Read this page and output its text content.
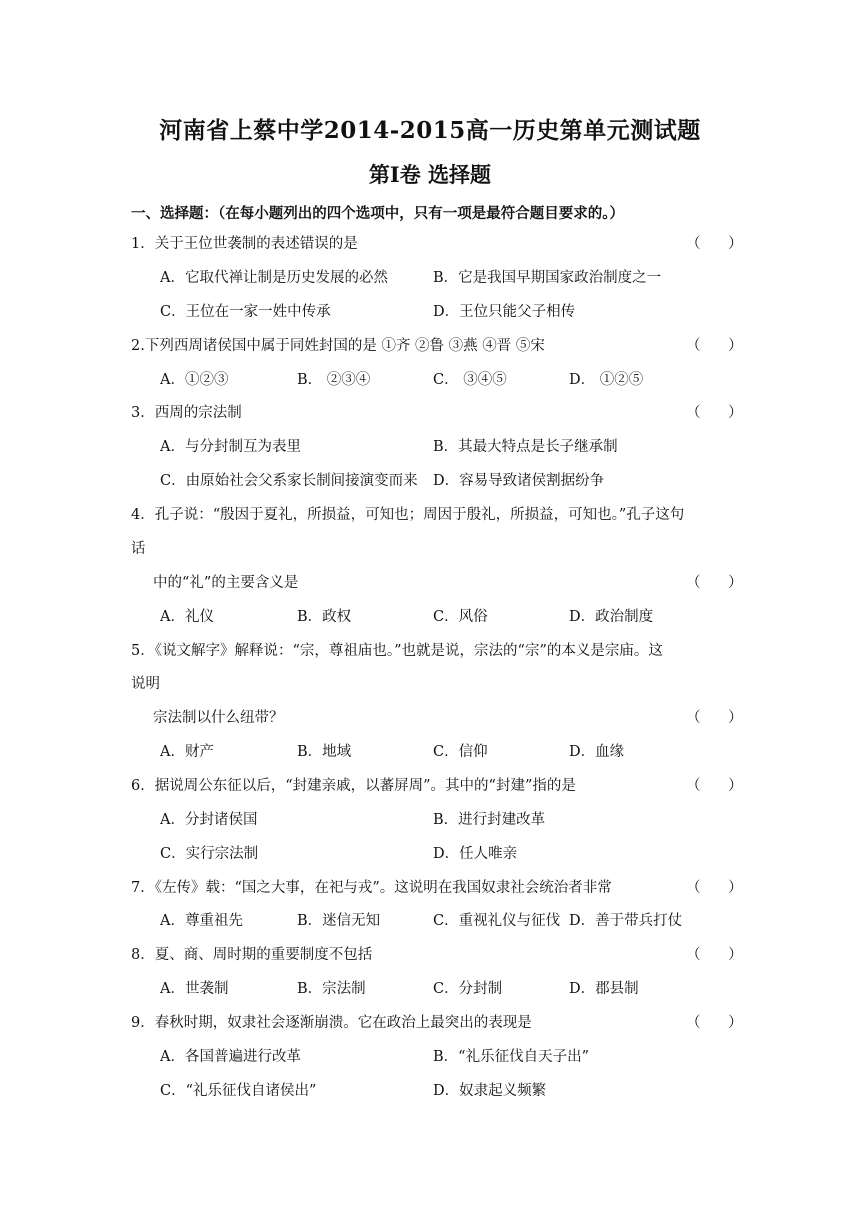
河南省上蔡中学2014-2015高一历史第单元测试题
第Ⅰ卷 选择题
一、选择题：（在每小题列出的四个选项中，只有一项是最符合题目要求的。）
1．关于王位世袭制的表述错误的是	（      ）
A．它取代禅让制是历史发展的必然	B．它是我国早期国家政治制度之一
C．王位在一家一姓中传承	D．王位只能父子相传
2.下列西周诸侯国中属于同姓封国的是 ①齐 ②鲁 ③燕 ④晋 ⑤宋	（      ）
A．①②③	B． ②③④	C． ③④⑤	D． ①②⑤
3．西周的宗法制	（      ）
A．与分封制互为表里	B．其最大特点是长子继承制
C．由原始社会父系家长制间接演变而来 D．容易导致诸侯割据纷争
4．孔子说：“殷因于夏礼，所损益，可知也；周因于殷礼，所损益，可知也。”孔子这句
话
中的“礼”的主要含义是	（      ）
A．礼仪	B．政权	C．风俗	D．政治制度
5．《说文解字》解释说：“宗，尊祖庙也。”也就是说，宗法的“宗”的本义是宗庙。这
说明
宗法制以什么纽带？	（      ）
A．财产	B．地域	C．信仰	D．血缘
6．据说周公东征以后，“封建亲戚，以蕃屏周”。其中的“封建”指的是	（      ）
A．分封诸侯国	B．进行封建改革
C．实行宗法制	D．任人唯亲
7．《左传》载：“国之大事，在祀与戎”。这说明在我国奴隶社会统治者非常	（      ）
A．尊重祖先	B．迷信无知	C．重视礼仪与征伐 D．善于带兵打仗
8．夏、商、周时期的重要制度不包括	（      ）
A．世袭制	B．宗法制	C．分封制	D．郡县制
9．春秋时期，奴隶社会逐渐崩溃。它在政治上最突出的表现是	（      ）
A．各国普遍进行改革	B．“礼乐征伐自天子出”
C．“礼乐征伐自诸侯出”	D．奴隶起义频繁
